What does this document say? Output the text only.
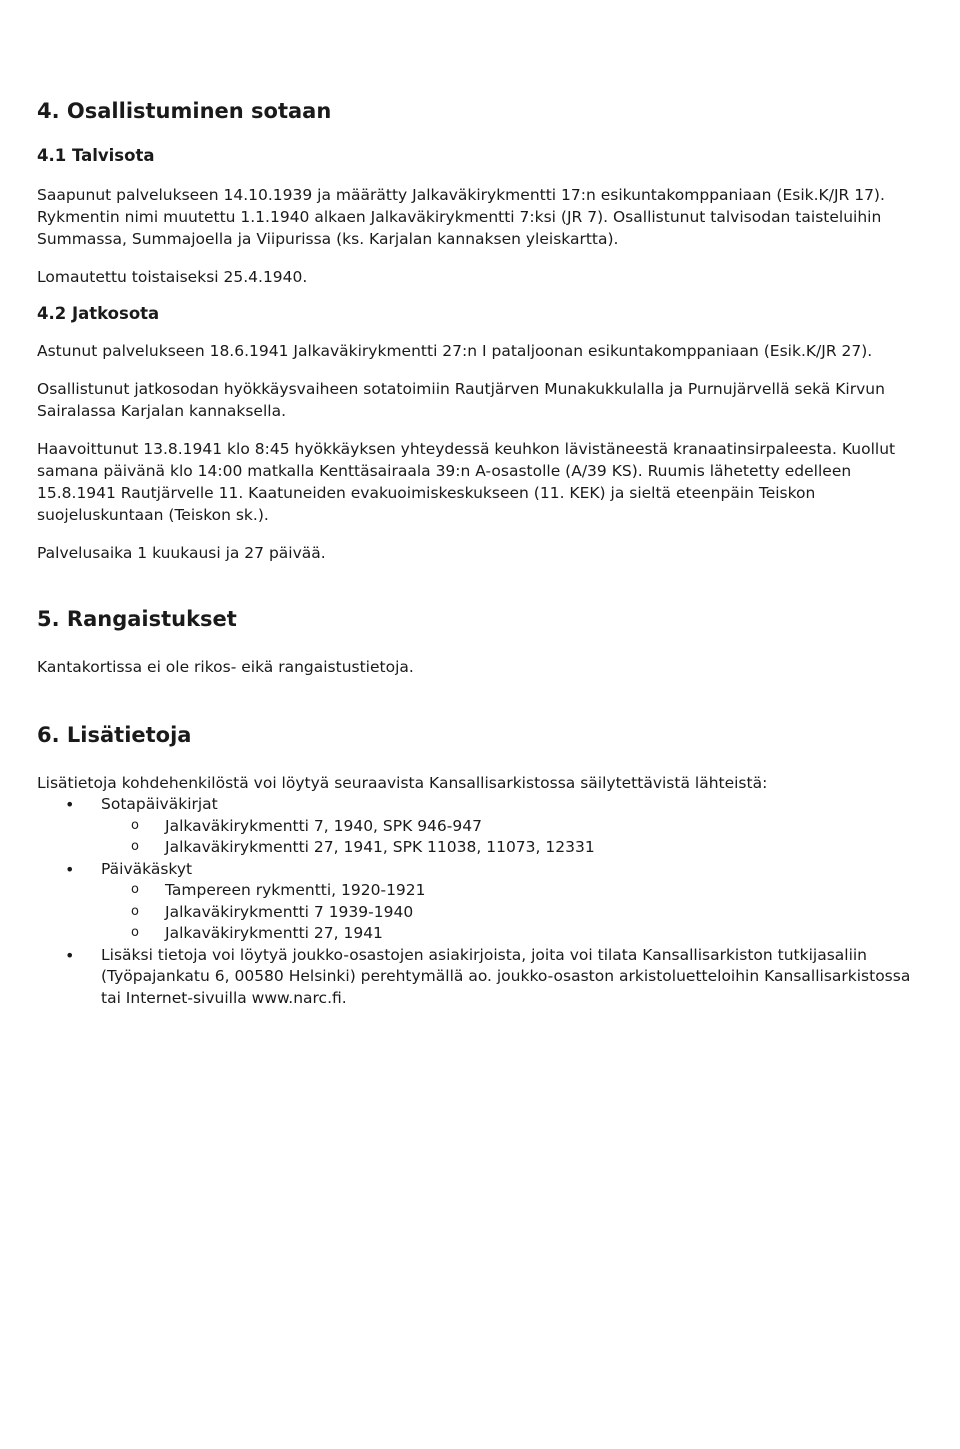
4. Osallistuminen sotaan
4.1 Talvisota

Saapunut palvelukseen 14.10.1939 ja määrätty Jalkaväkirykmentti 17:n esikuntakomppaniaan (Esik.K/JR 17). Rykmentin nimi muutettu 1.1.1940 alkaen Jalkaväkirykmentti 7:ksi (JR 7). Osallistunut talvisodan taisteluihin Summassa, Summajoella ja Viipurissa (ks. Karjalan kannaksen yleiskartta).

Lomautettu toistaiseksi 25.4.1940.

4.2 Jatkosota

Astunut palvelukseen 18.6.1941 Jalkaväkirykmentti 27:n I pataljoonan esikuntakomppaniaan (Esik.K/JR 27).

Osallistunut jatkosodan hyökkäysvaiheen sotatoimiin Rautjärven Munakukkulalla ja Purnujärvellä sekä Kirvun Sairalassa Karjalan kannaksella.

Haavoittunut 13.8.1941 klo 8:45 hyökkäyksen yhteydessä keuhkon lävistäneestä kranaatinsirpaleesta. Kuollut samana päivänä klo 14:00 matkalla Kenttäsairaala 39:n A-osastolle (A/39 KS). Ruumis lähetetty edelleen 15.8.1941 Rautjärvelle 11. Kaatuneiden evakuoimiskeskukseen (11. KEK) ja sieltä eteenpäin Teiskon suojeluskuntaan (Teiskon sk.).

Palvelusaika 1 kuukausi ja 27 päivää.

5. Rangaistukset

Kantakortissa ei ole rikos- eikä rangaistustietoja.

6. Lisätietoja

Lisätietoja kohdehenkilöstä voi löytyä seuraavista Kansallisarkistossa säilytettävistä lähteistä:

• Sotapäiväkirjat
o Jalkaväkirykmentti 7, 1940, SPK 946-947
o Jalkaväkirykmentti 27, 1941, SPK 11038, 11073, 12331
• Päiväkäskyt
o Tampereen rykmentti, 1920-1921
o Jalkaväkirykmentti 7 1939-1940
o Jalkaväkirykmentti 27, 1941
• Lisäksi tietoja voi löytyä joukko-osastojen asiakirjoista, joita voi tilata Kansallisarkiston tutkijasaliin (Työpajankatu 6, 00580 Helsinki) perehtymällä ao. joukko-osaston arkistoluetteloihin Kansallisarkistossa tai Internet-sivuilla www.narc.fi.
